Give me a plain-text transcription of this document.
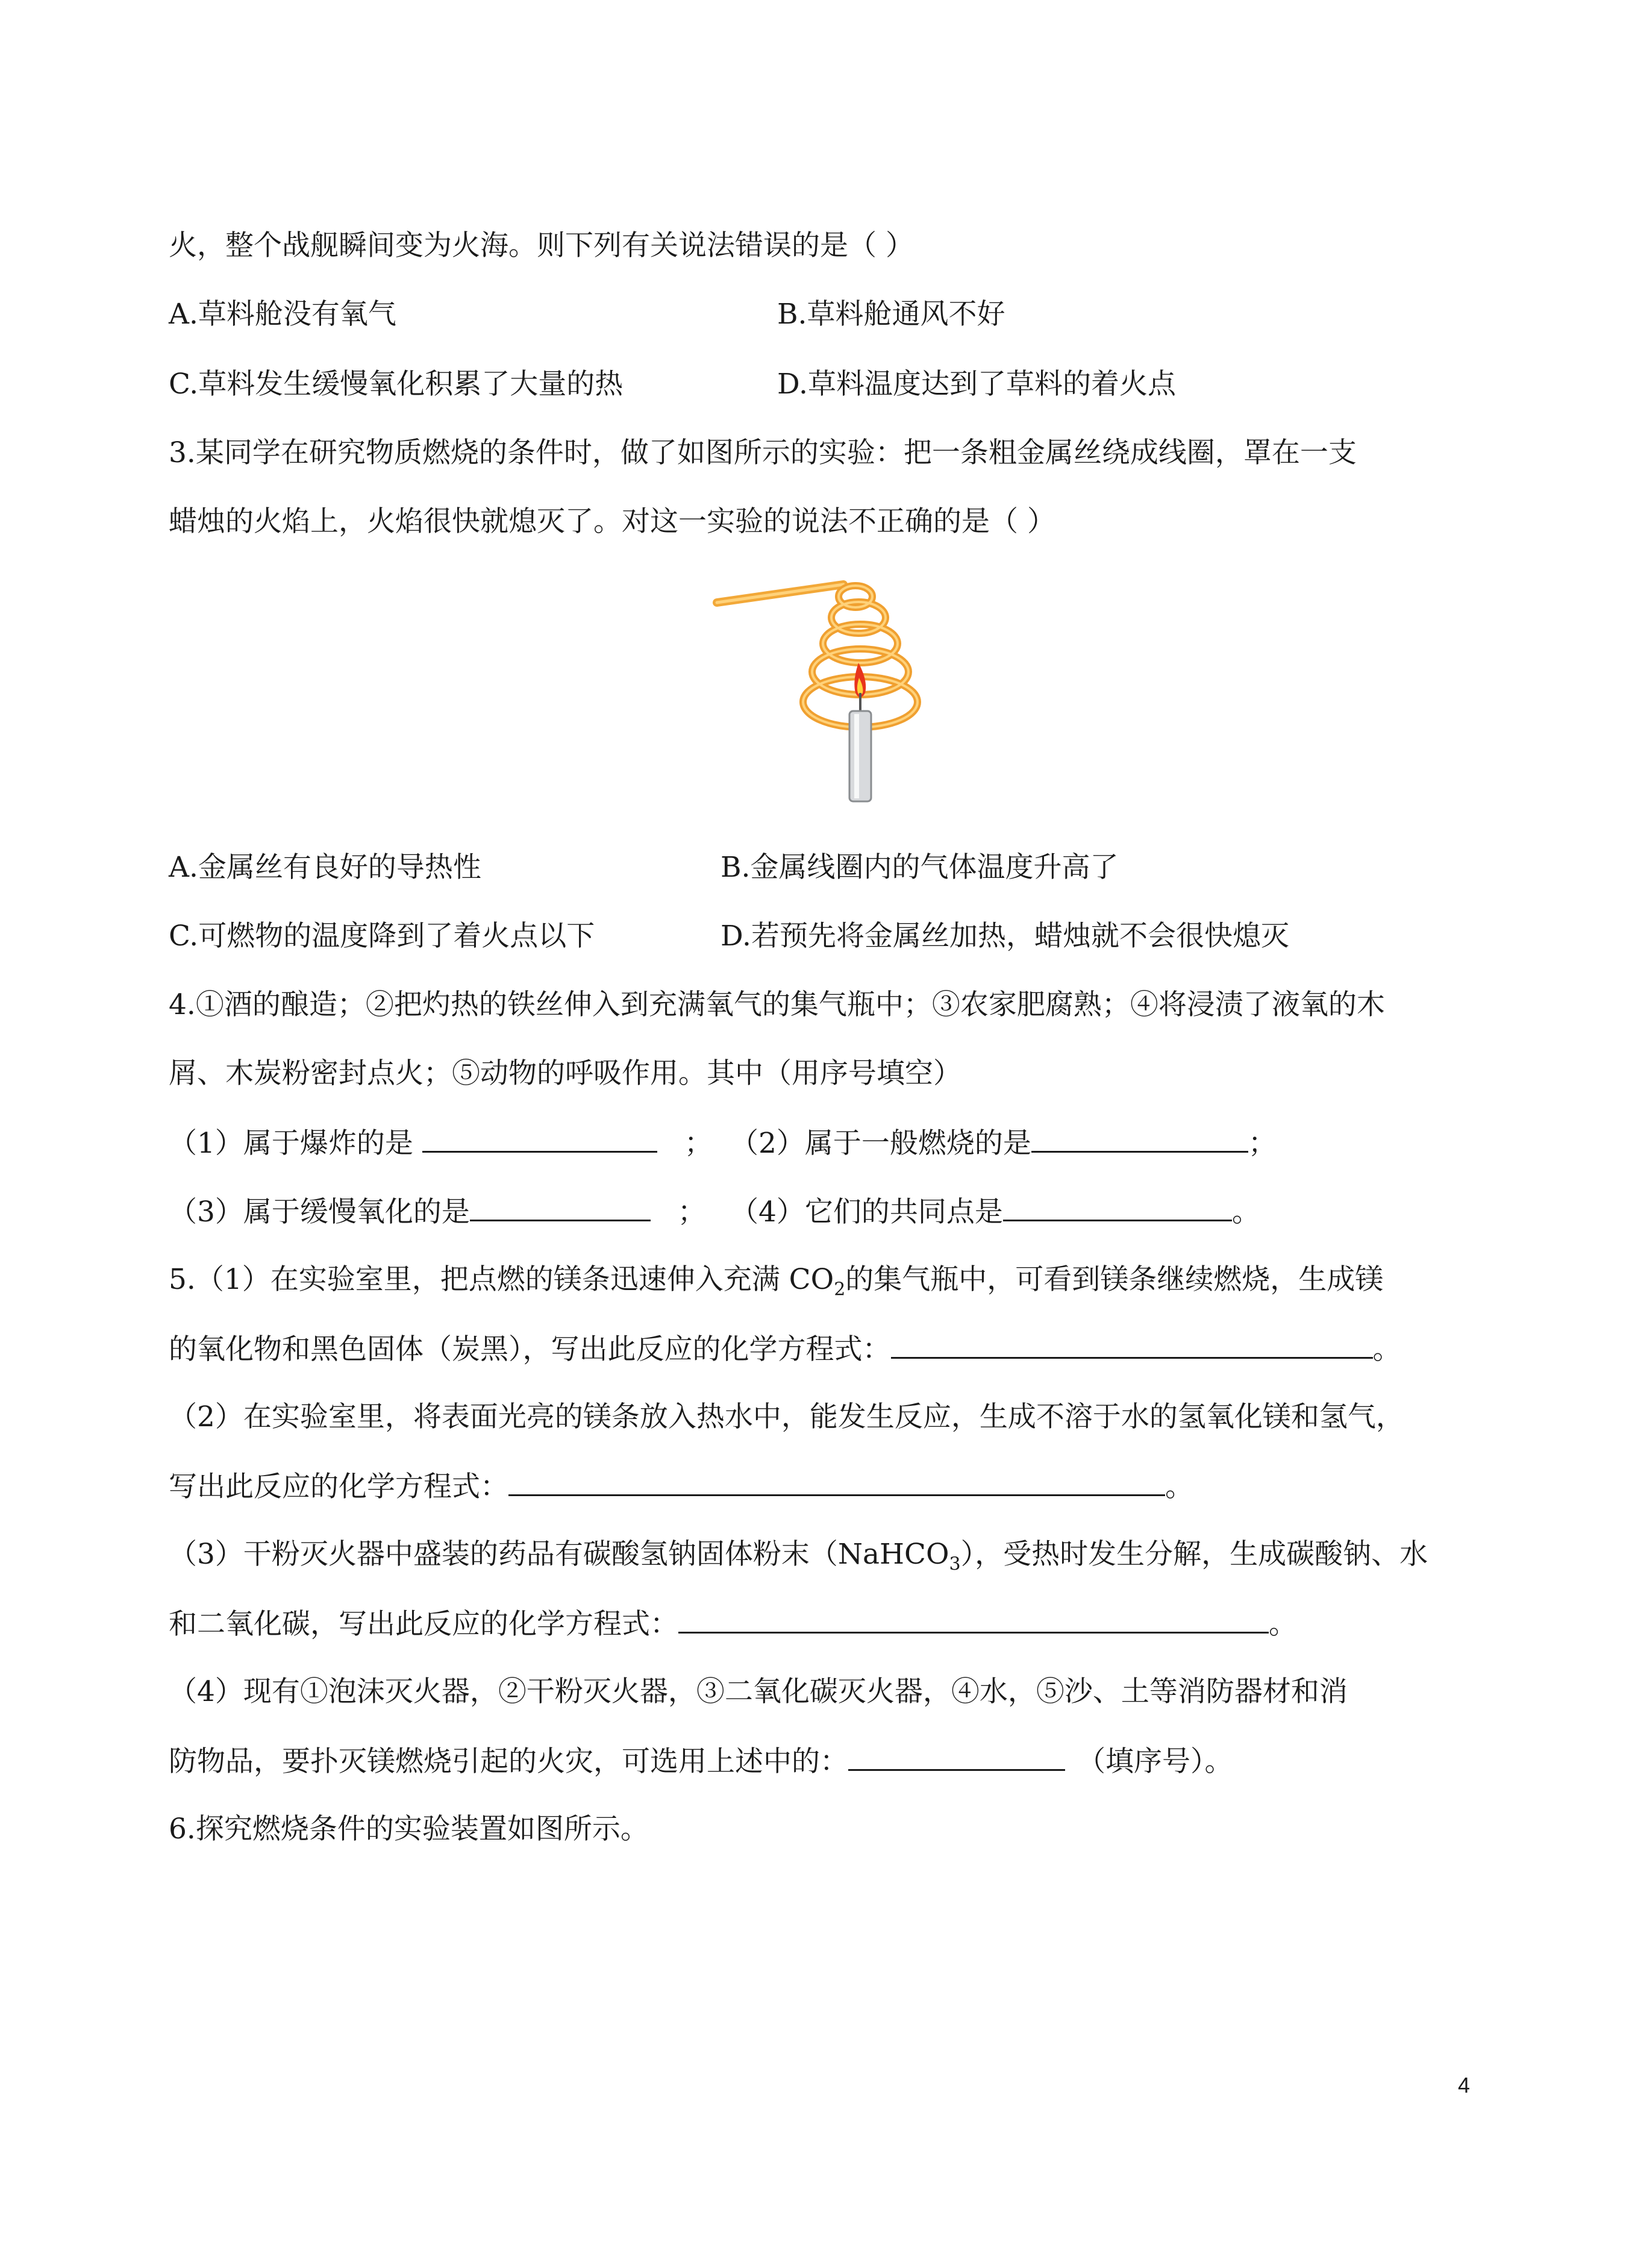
火，整个战舰瞬间变为火海。则下列有关说法错误的是（ ）
A.草料舱没有氧气	B.草料舱通风不好
C.草料发生缓慢氧化积累了大量的热	D.草料温度达到了草料的着火点
3.某同学在研究物质燃烧的条件时，做了如图所示的实验：把一条粗金属丝绕成线圈，罩在一支
蜡烛的火焰上，火焰很快就熄灭了。对这一实验的说法不正确的是（ ）
A.金属丝有良好的导热性	B.金属线圈内的气体温度升高了
C.可燃物的温度降到了着火点以下	D.若预先将金属丝加热，蜡烛就不会很快熄灭
4.①酒的酿造；②把灼热的铁丝伸入到充满氧气的集气瓶中；③农家肥腐熟；④将浸渍了液氧的木
屑、木炭粉密封点火；⑤动物的呼吸作用。其中（用序号填空）
（1）属于爆炸的是	； （2）属于一般燃烧的是	；
（3）属于缓慢氧化的是	； （4）它们的共同点是	。
5.（1）在实验室里，把点燃的镁条迅速伸入充满 $CO_2$的集气瓶中，可看到镁条继续燃烧，生成镁
的氧化物和黑色固体（炭黑），写出此反应的化学方程式：	。
（2）在实验室里，将表面光亮的镁条放入热水中，能发生反应，生成不溶于水的氢氧化镁和氢气，
写出此反应的化学方程式：	。
（3）干粉灭火器中盛装的药品有碳酸氢钠固体粉末（NaHCO$_3$），受热时发生分解，生成碳酸钠、水
和二氧化碳，写出此反应的化学方程式：	。
（4）现有①泡沫灭火器，②干粉灭火器，③二氧化碳灭火器，④水，⑤沙、土等消防器材和消
防物品，要扑灭镁燃烧引起的火灾，可选用上述中的：	（填序号）。
6.探究燃烧条件的实验装置如图所示。
4
